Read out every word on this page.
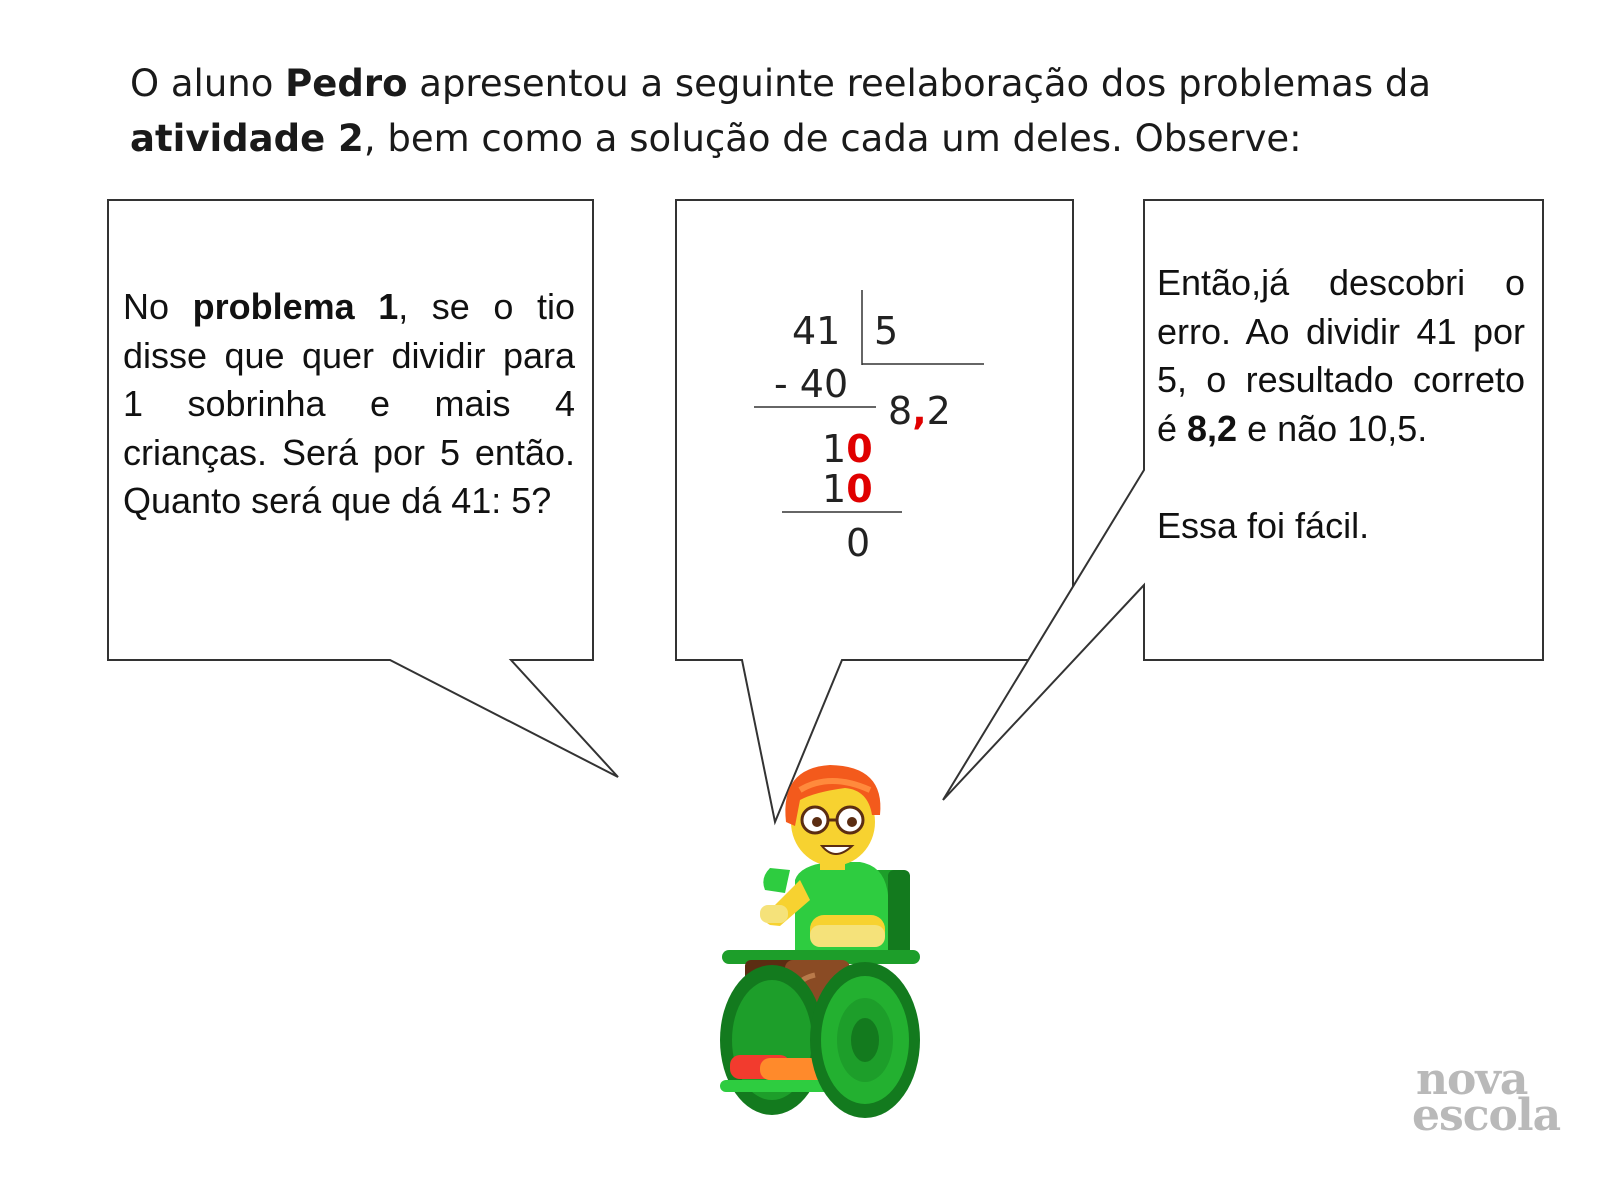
O aluno Pedro apresentou a seguinte reelaboração dos problemas da atividade 2, bem como a solução de cada um deles. Observe:
No problema 1, se o tio disse que quer dividir para 1 sobrinha e mais 4 crianças. Será por 5 então. Quanto será que dá 41: 5?
41 5
- 40
8,2
10
10
0

Então,já descobri o erro. Ao dividir 41 por 5, o resultado correto é 8,2 e não 10,5.

Essa foi fácil.

nova
escola
